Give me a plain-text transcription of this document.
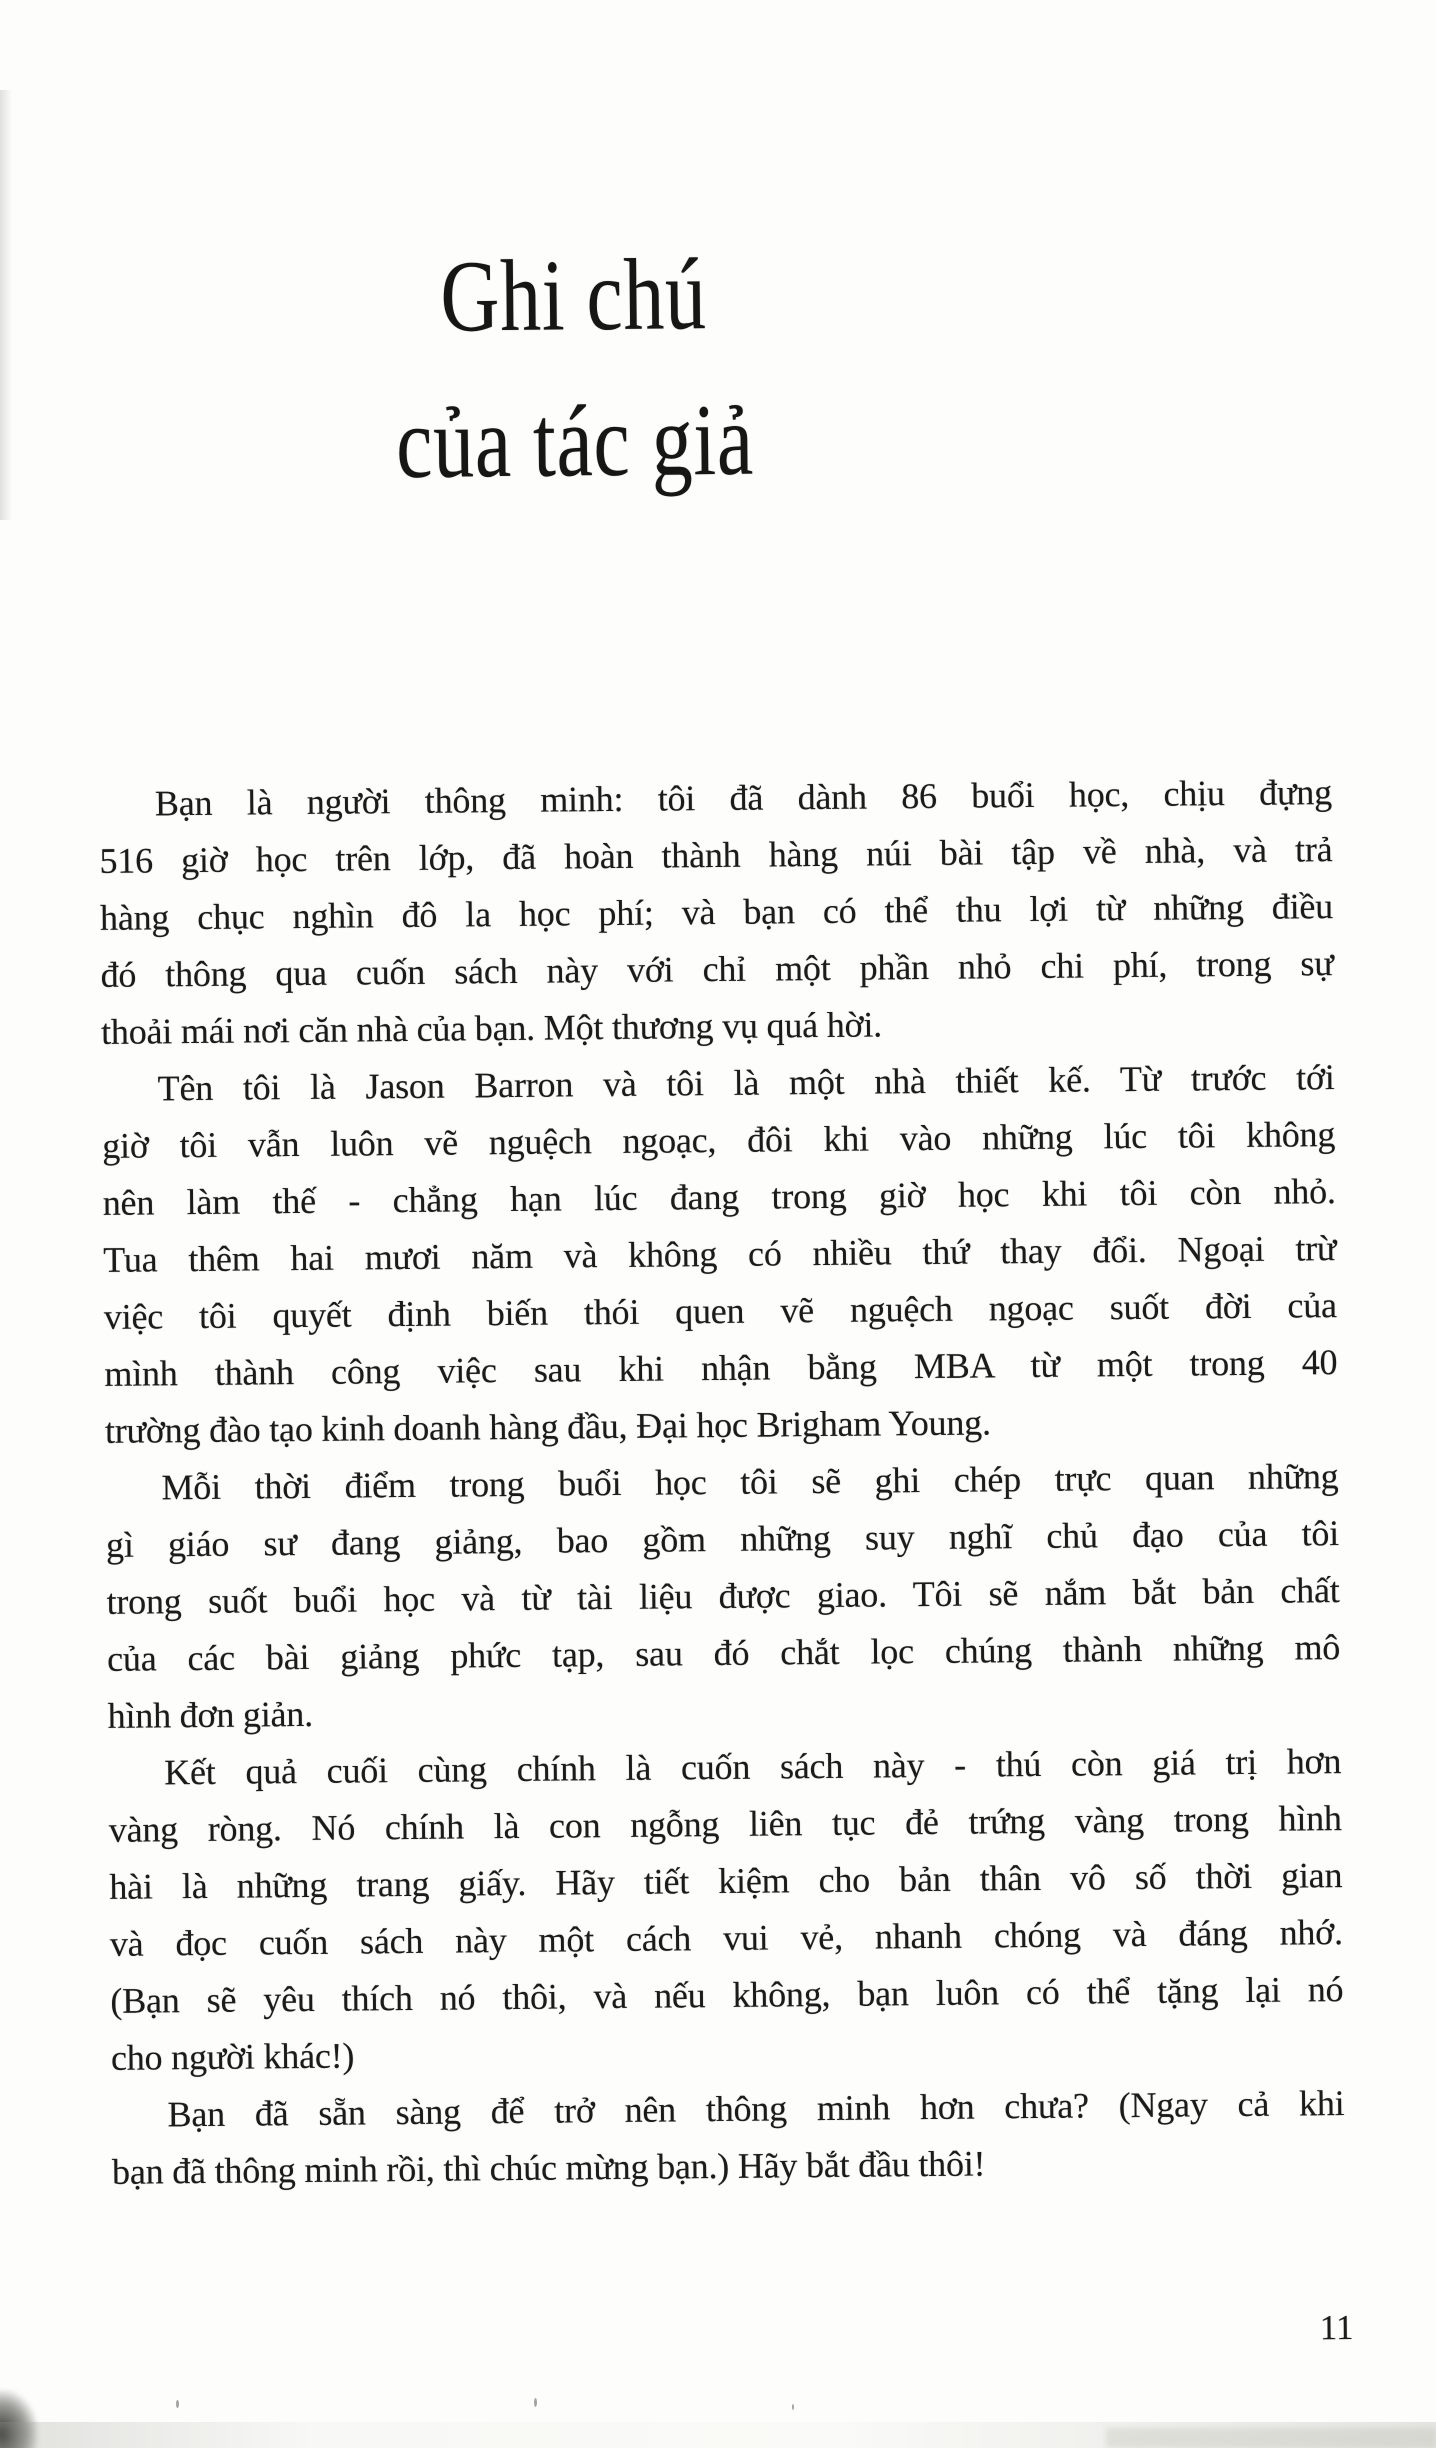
Ghi chú
của tác giả
Bạn là người thông minh: tôi đã dành 86 buổi học, chịu đựng
516 giờ học trên lớp, đã hoàn thành hàng núi bài tập về nhà, và trả
hàng chục nghìn đô la học phí; và bạn có thể thu lợi từ những điều
đó thông qua cuốn sách này với chỉ một phần nhỏ chi phí, trong sự
thoải mái nơi căn nhà của bạn. Một thương vụ quá hời.
Tên tôi là Jason Barron và tôi là một nhà thiết kế. Từ trước tới
giờ tôi vẫn luôn vẽ nguệch ngoạc, đôi khi vào những lúc tôi không
nên làm thế - chẳng hạn lúc đang trong giờ học khi tôi còn nhỏ.
Tua thêm hai mươi năm và không có nhiều thứ thay đổi. Ngoại trừ
việc tôi quyết định biến thói quen vẽ nguệch ngoạc suốt đời của
mình thành công việc sau khi nhận bằng MBA từ một trong 40
trường đào tạo kinh doanh hàng đầu, Đại học Brigham Young.
Mỗi thời điểm trong buổi học tôi sẽ ghi chép trực quan những
gì giáo sư đang giảng, bao gồm những suy nghĩ chủ đạo của tôi
trong suốt buổi học và từ tài liệu được giao. Tôi sẽ nắm bắt bản chất
của các bài giảng phức tạp, sau đó chắt lọc chúng thành những mô
hình đơn giản.
Kết quả cuối cùng chính là cuốn sách này - thú còn giá trị hơn
vàng ròng. Nó chính là con ngỗng liên tục đẻ trứng vàng trong hình
hài là những trang giấy. Hãy tiết kiệm cho bản thân vô số thời gian
và đọc cuốn sách này một cách vui vẻ, nhanh chóng và đáng nhớ.
(Bạn sẽ yêu thích nó thôi, và nếu không, bạn luôn có thể tặng lại nó
cho người khác!)
Bạn đã sẵn sàng để trở nên thông minh hơn chưa? (Ngay cả khi
bạn đã thông minh rồi, thì chúc mừng bạn.) Hãy bắt đầu thôi!
11
